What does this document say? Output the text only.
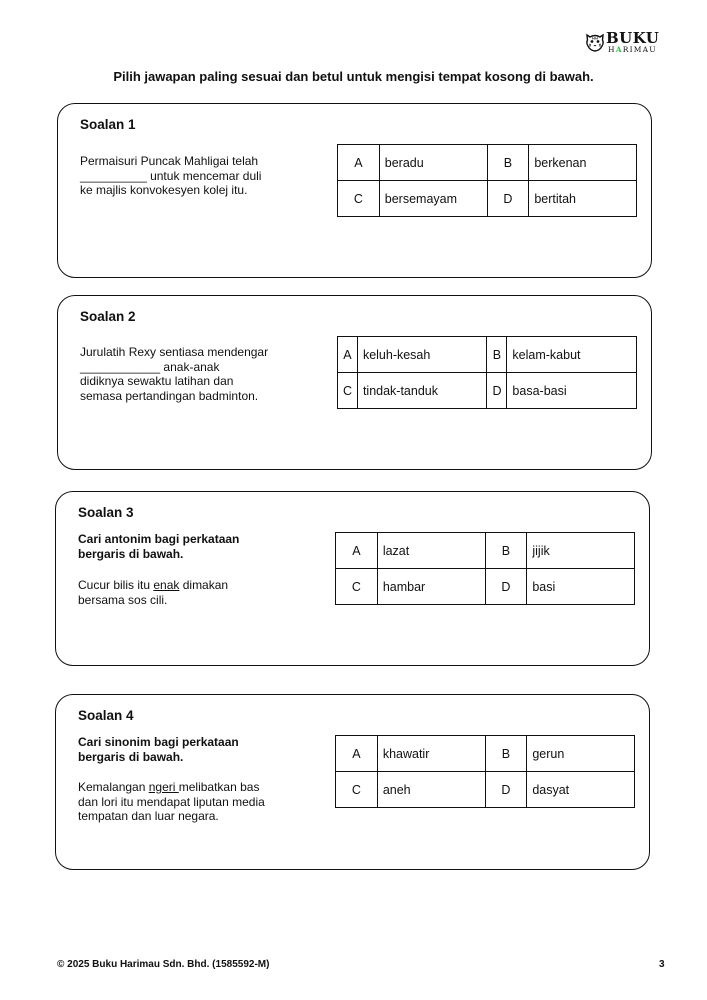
BUKU
HARIMAU
Pilih jawapan paling sesuai dan betul untuk mengisi tempat kosong di bawah.
Soalan 1
Permaisuri Puncak Mahligai telah
__________ untuk mencemar duli
ke majlis konvokesyen kolej itu.
A	beradu	B	berkenan
C	bersemayam	D	bertitah
Soalan 2
Jurulatih Rexy sentiasa mendengar
____________ anak-anak
didiknya sewaktu latihan dan
semasa pertandingan badminton.
A	keluh-kesah	B	kelam-kabut
C	tindak-tanduk	D	basa-basi
Soalan 3
Cari antonim bagi perkataan
bergaris di bawah.
Cucur bilis itu enak dimakan
bersama sos cili.
A	lazat	B	jijik
C	hambar	D	basi
Soalan 4
Cari sinonim bagi perkataan
bergaris di bawah.
Kemalangan ngeri melibatkan bas
dan lori itu mendapat liputan media
tempatan dan luar negara.
A	khawatir	B	gerun
C	aneh	D	dasyat
© 2025 Buku Harimau Sdn. Bhd. (1585592-M)	3
